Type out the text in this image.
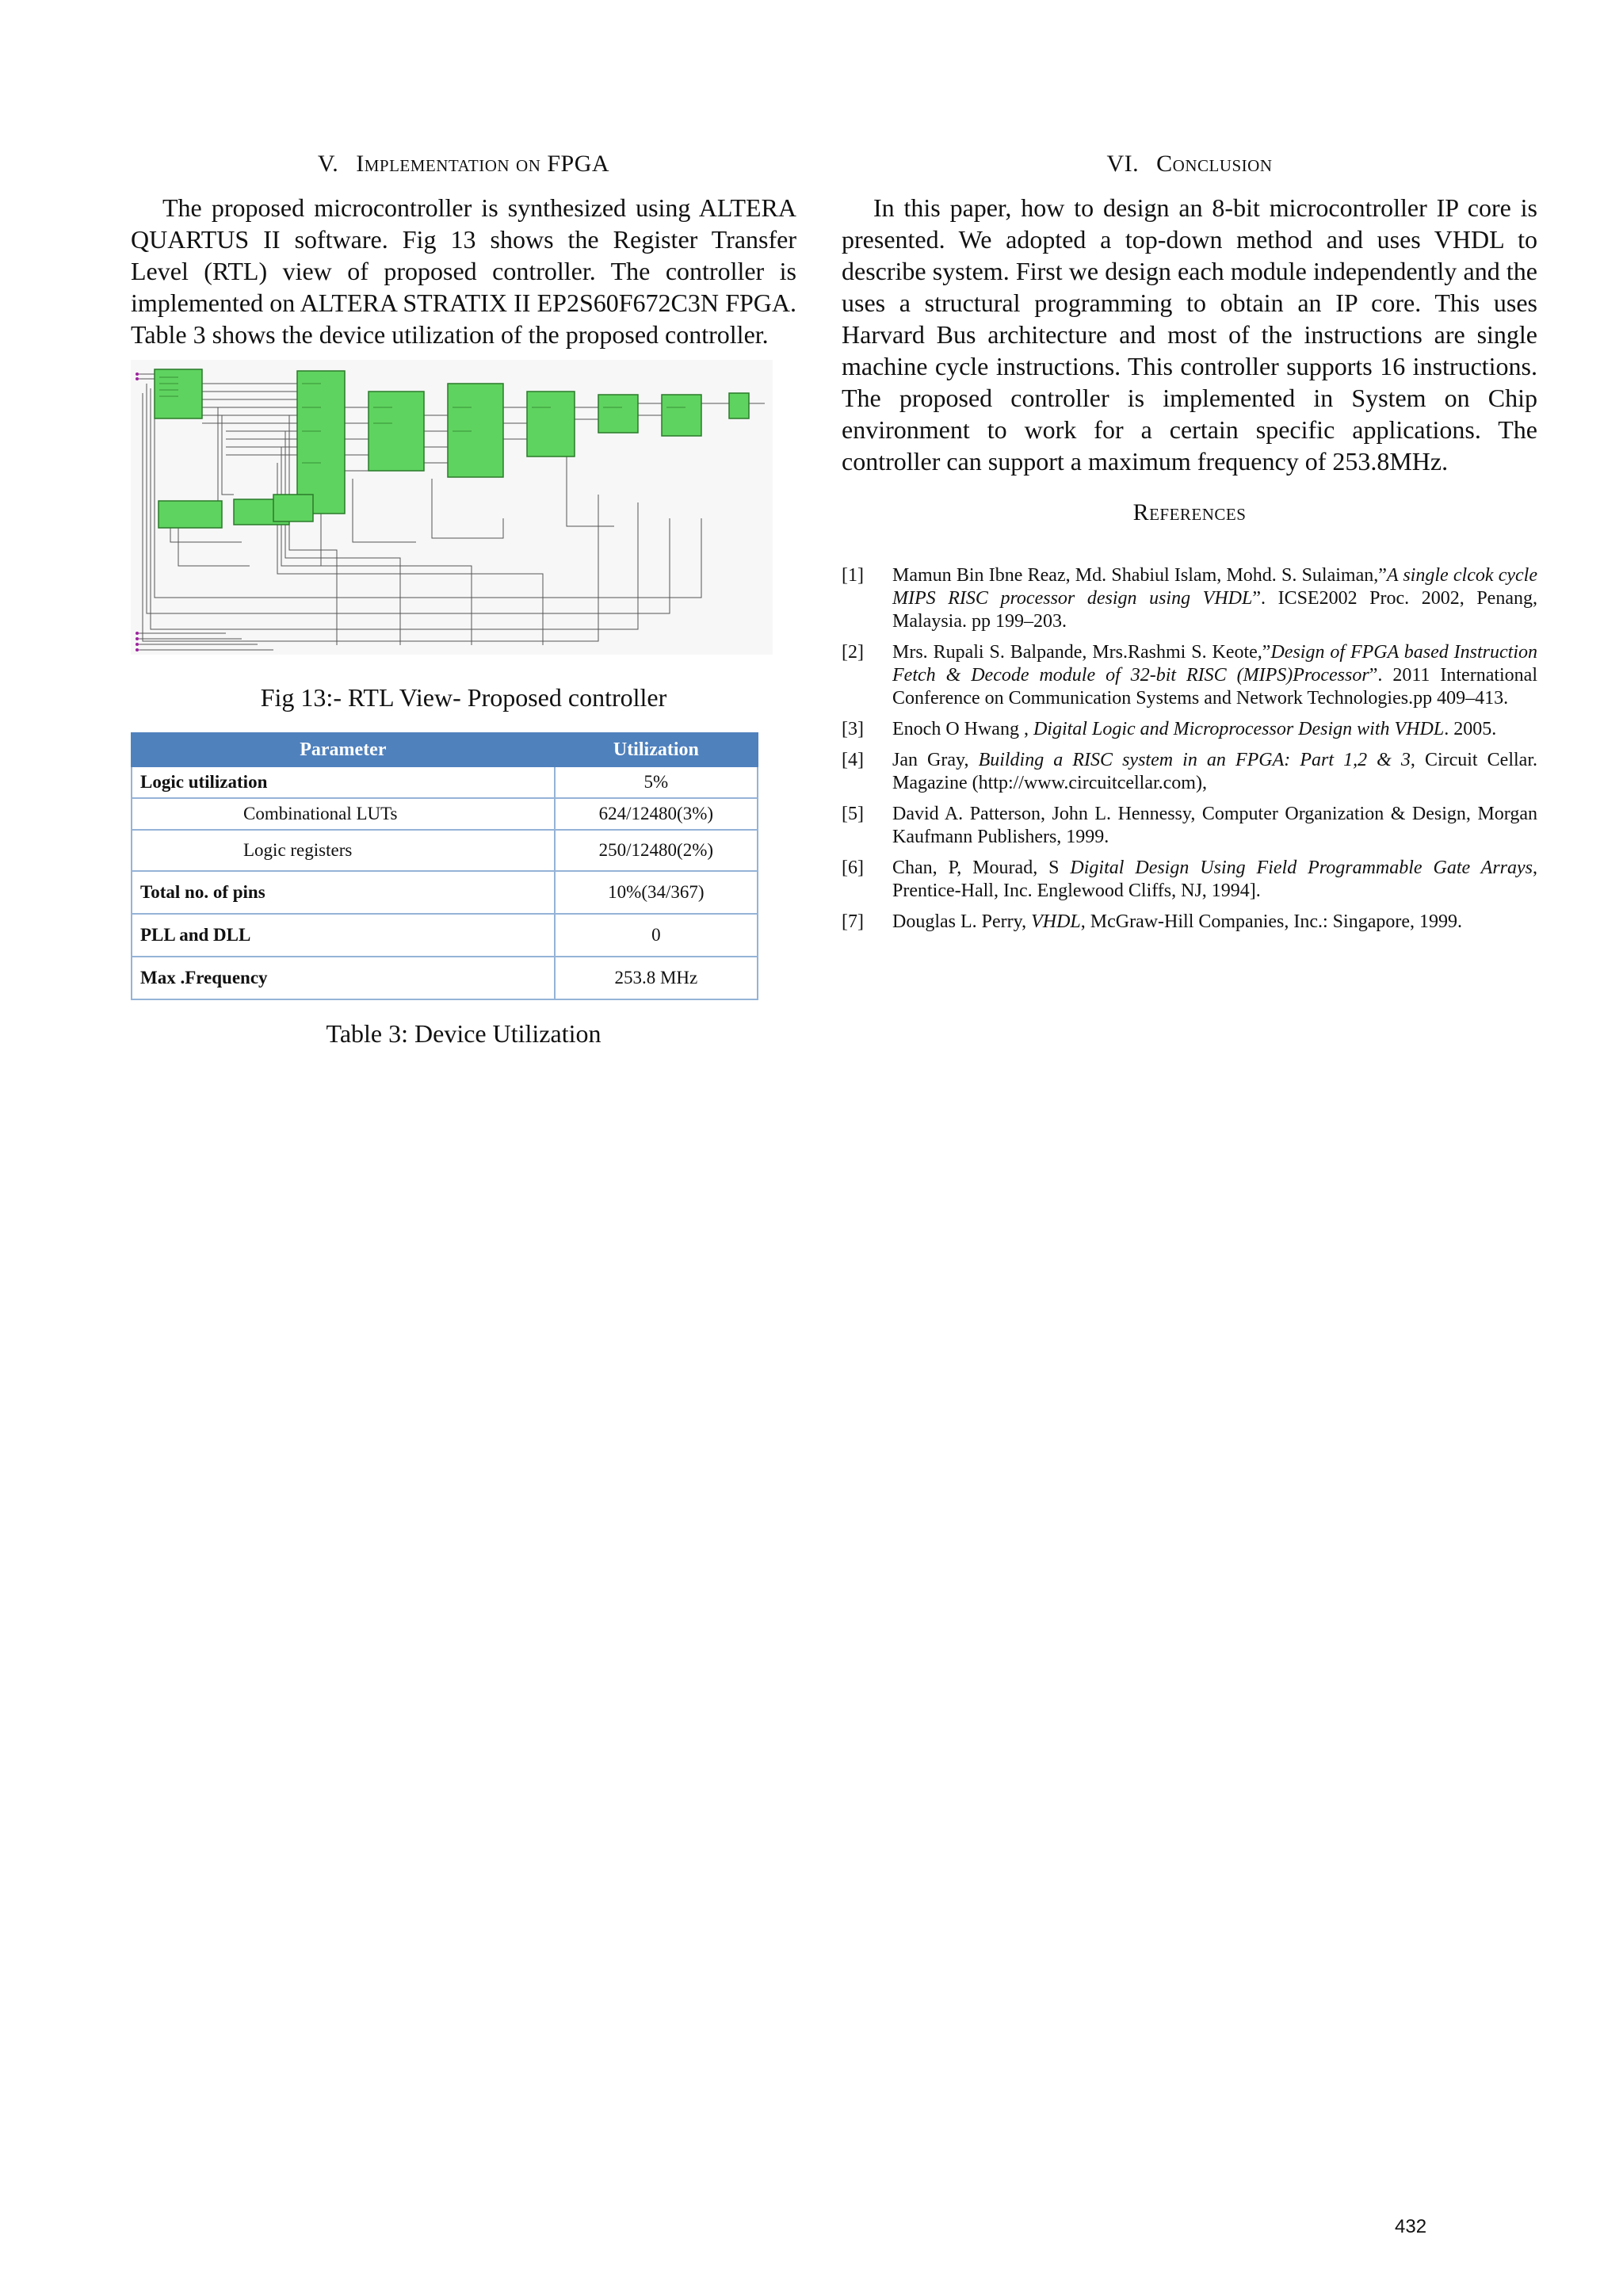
V. Implementation on FPGA

The proposed microcontroller is synthesized using ALTERA QUARTUS II software. Fig 13 shows the Register Transfer Level (RTL) view of proposed controller. The controller is implemented on ALTERA STRATIX II EP2S60F672C3N FPGA. Table 3 shows the device utilization of the proposed controller.

Fig 13:- RTL View- Proposed controller

Parameter	Utilization
Logic utilization	5%
Combinational LUTs	624/12480(3%)
Logic registers	250/12480(2%)
Total no. of pins	10%(34/367)
PLL and DLL	0
Max .Frequency	253.8 MHz

Table 3: Device Utilization

VI. Conclusion

In this paper, how to design an 8-bit microcontroller IP core is presented. We adopted a top-down method and uses VHDL to describe system. First we design each module independently and the uses a structural programming to obtain an IP core. This uses Harvard Bus architecture and most of the instructions are single machine cycle instructions. This controller supports 16 instructions. The proposed controller is implemented in System on Chip environment to work for a certain specific applications. The controller can support a maximum frequency of 253.8MHz.

References
[1]	Mamun Bin Ibne Reaz, Md. Shabiul Islam, Mohd. S. Sulaiman,”A single clcok cycle MIPS RISC processor design using VHDL”. ICSE2002 Proc. 2002, Penang, Malaysia. pp 199–203.
[2]	Mrs. Rupali S. Balpande, Mrs.Rashmi S. Keote,”Design of FPGA based Instruction Fetch & Decode module of 32-bit RISC (MIPS)Processor”. 2011 International Conference on Communication Systems and Network Technologies.pp 409–413.
[3]	Enoch O Hwang , Digital Logic and Microprocessor Design with VHDL. 2005.
[4]	Jan Gray, Building a RISC system in an FPGA: Part 1,2 & 3, Circuit Cellar. Magazine (http://www.circuitcellar.com),
[5]	David A. Patterson, John L. Hennessy, Computer Organization & Design, Morgan Kaufmann Publishers, 1999.
[6]	Chan, P, Mourad, S Digital Design Using Field Programmable Gate Arrays, Prentice-Hall, Inc. Englewood Cliffs, NJ, 1994].
[7]	Douglas L. Perry, VHDL, McGraw-Hill Companies, Inc.: Singapore, 1999.
432
